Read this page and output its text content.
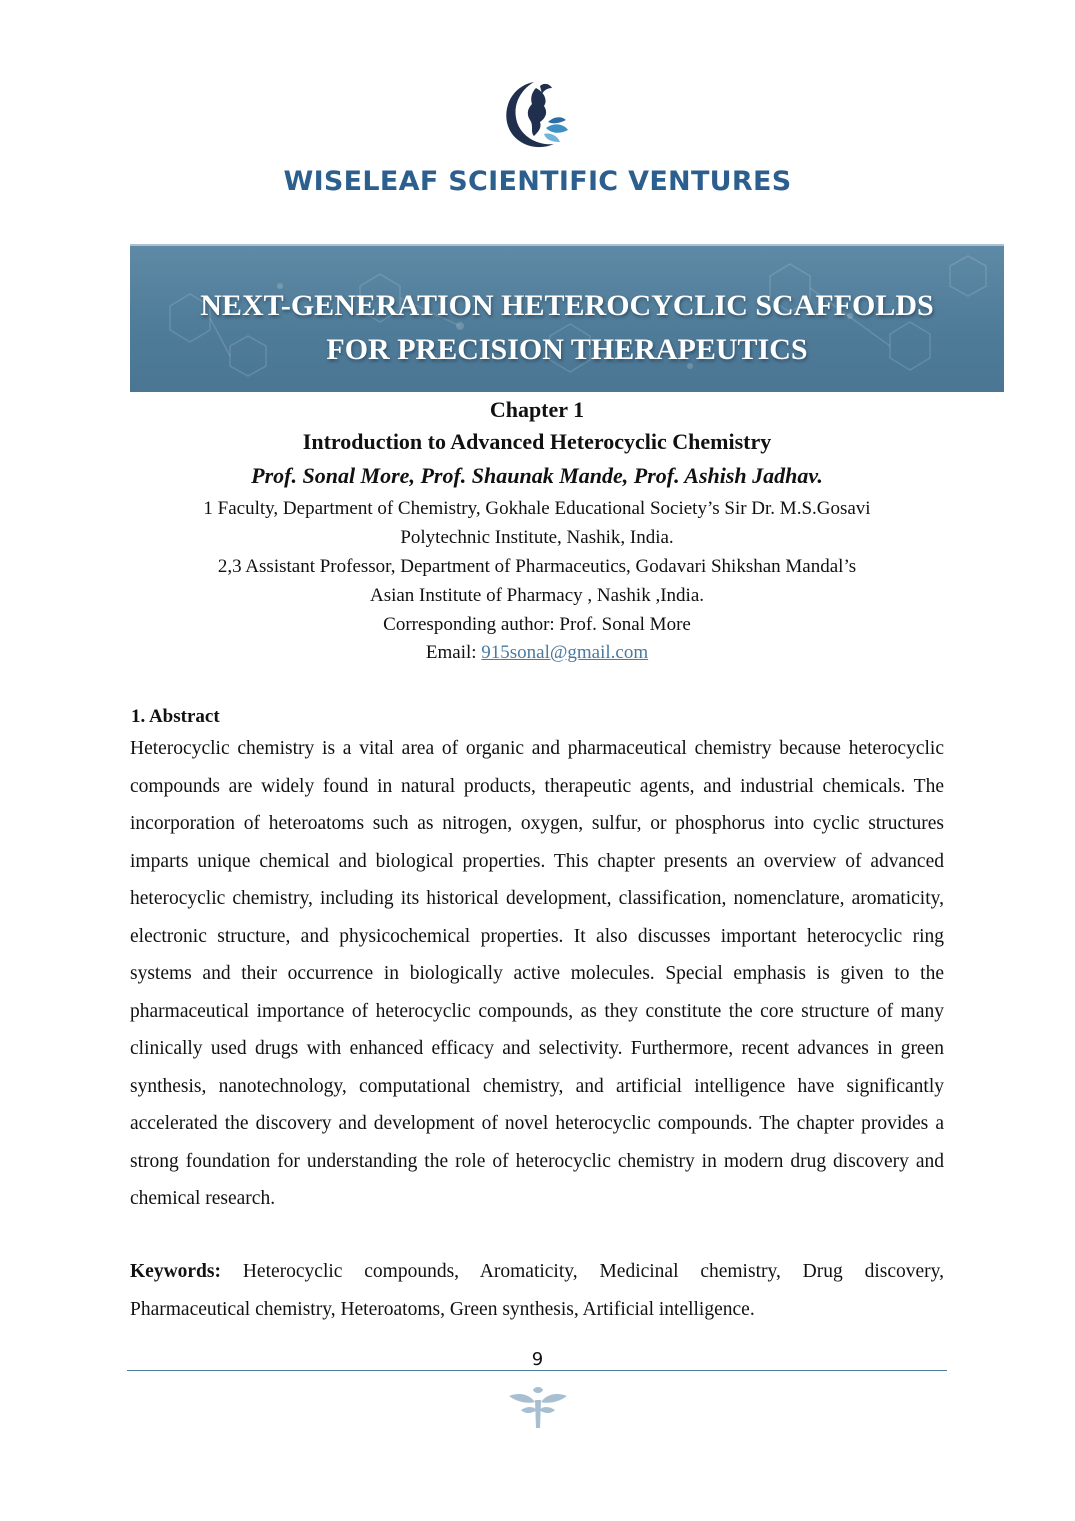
WISELEAF SCIENTIFIC VENTURES
NEXT-GENERATION HETEROCYCLIC SCAFFOLDS
FOR PRECISION THERAPEUTICS
Chapter 1
Introduction to Advanced Heterocyclic Chemistry
Prof. Sonal More, Prof. Shaunak Mande, Prof. Ashish Jadhav.
1 Faculty, Department of Chemistry, Gokhale Educational Society’s Sir Dr. M.S.Gosavi
Polytechnic Institute, Nashik, India.
2,3 Assistant Professor, Department of Pharmaceutics, Godavari Shikshan Mandal’s
Asian Institute of Pharmacy , Nashik ,India.
Corresponding author: Prof. Sonal More
Email: 915sonal@gmail.com
1. Abstract

Heterocyclic chemistry is a vital area of organic and pharmaceutical chemistry because heterocyclic compounds are widely found in natural products, therapeutic agents, and industrial chemicals. The incorporation of heteroatoms such as nitrogen, oxygen, sulfur, or phosphorus into cyclic structures imparts unique chemical and biological properties. This chapter presents an overview of advanced heterocyclic chemistry, including its historical development, classification, nomenclature, aromaticity, electronic structure, and physicochemical properties. It also discusses important heterocyclic ring systems and their occurrence in biologically active molecules. Special emphasis is given to the pharmaceutical importance of heterocyclic compounds, as they constitute the core structure of many clinically used drugs with enhanced efficacy and selectivity. Furthermore, recent advances in green synthesis, nanotechnology, computational chemistry, and artificial intelligence have significantly accelerated the discovery and development of novel heterocyclic compounds. The chapter provides a strong foundation for understanding the role of heterocyclic chemistry in modern drug discovery and chemical research.

Keywords: Heterocyclic compounds, Aromaticity, Medicinal chemistry, Drug discovery, Pharmaceutical chemistry, Heteroatoms, Green synthesis, Artificial intelligence.

9
